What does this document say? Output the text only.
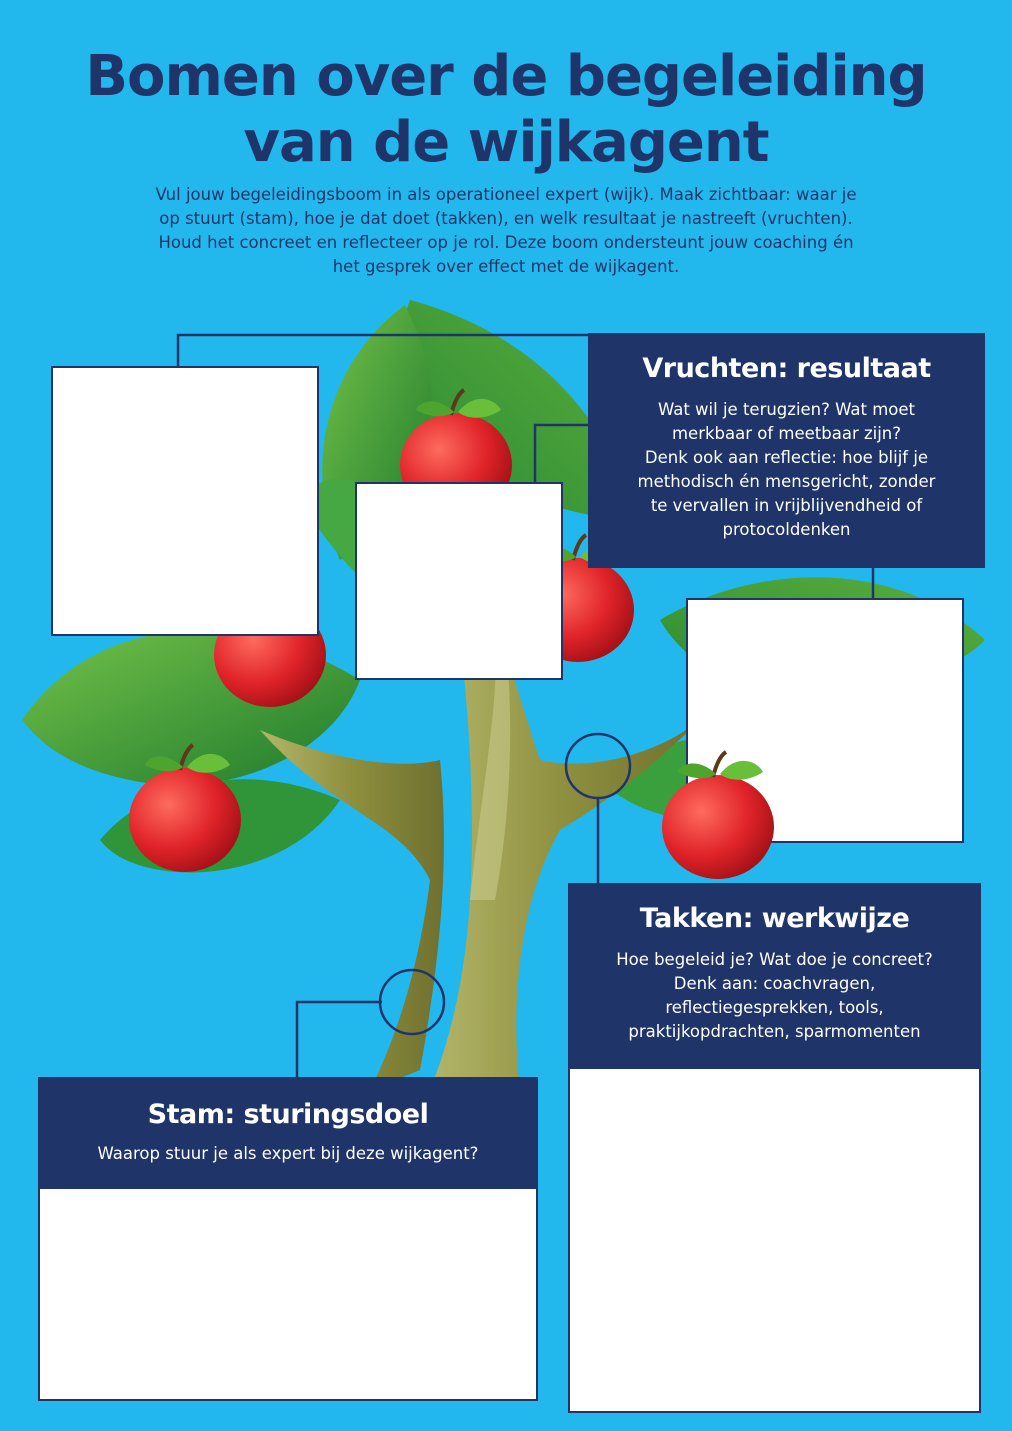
Bomen over de begeleiding
van de wijkagent
Vul jouw begeleidingsboom in als operationeel expert (wijk). Maak zichtbaar: waar je
op stuurt (stam), hoe je dat doet (takken), en welk resultaat je nastreeft (vruchten).
Houd het concreet en reflecteer op je rol. Deze boom ondersteunt jouw coaching én
het gesprek over effect met de wijkagent.
Vruchten: resultaat
Wat wil je terugzien? Wat moet
merkbaar of meetbaar zijn?
Denk ook aan reflectie: hoe blijf je
methodisch én mensgericht, zonder
te vervallen in vrijblijvendheid of
protocoldenken
Takken: werkwijze
Hoe begeleid je? Wat doe je concreet?
Denk aan: coachvragen,
reflectiegesprekken, tools,
praktijkopdrachten, sparmomenten
Stam: sturingsdoel
Waarop stuur je als expert bij deze wijkagent?
